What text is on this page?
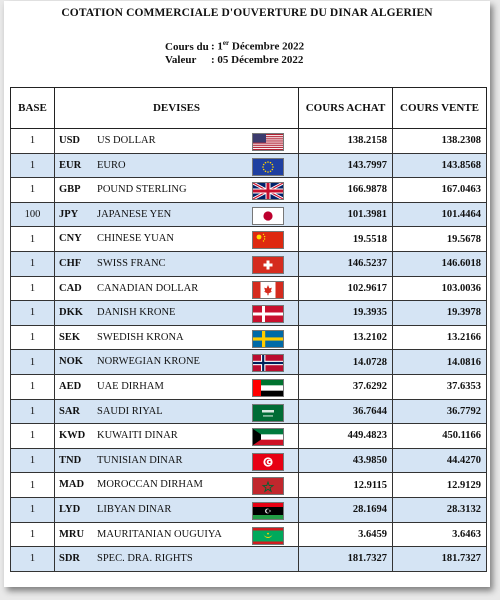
COTATION COMMERCIALE D'OUVERTURE DU DINAR ALGERIEN
Cours du : 1er Décembre 2022
Valeur : 05 Décembre 2022
BASE	DEVISES	COURS ACHAT	COURS VENTE
1	USD US DOLLAR	138.2158	138.2308
1	EUR EURO	143.7997	143.8568
1	GBP POUND STERLING	166.9878	167.0463
100	JPY JAPANESE YEN	101.3981	101.4464
1	CNY CHINESE YUAN	19.5518	19.5678
1	CHF SWISS FRANC	146.5237	146.6018
1	CAD CANADIAN DOLLAR	102.9617	103.0036
1	DKK DANISH KRONE	19.3935	19.3978
1	SEK SWEDISH KRONA	13.2102	13.2166
1	NOK NORWEGIAN KRONE	14.0728	14.0816
1	AED UAE DIRHAM	37.6292	37.6353
1	SAR SAUDI RIYAL	36.7644	36.7792
1	KWD KUWAITI DINAR	449.4823	450.1166
1	TND TUNISIAN DINAR	43.9850	44.4270
1	MAD MOROCCAN DIRHAM	12.9115	12.9129
1	LYD LIBYAN DINAR	28.1694	28.3132
1	MRU MAURITANIAN OUGUIYA	3.6459	3.6463
1	SDR SPEC. DRA. RIGHTS	181.7327	181.7327
